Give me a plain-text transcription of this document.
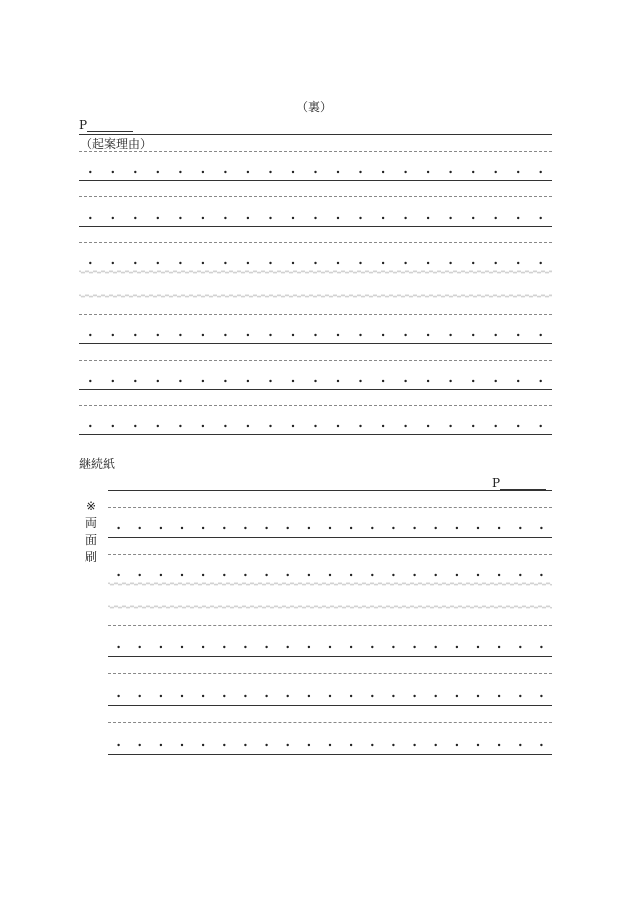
（裏）
P
（起案理由）
継続紙
P
※
両
面
刷
